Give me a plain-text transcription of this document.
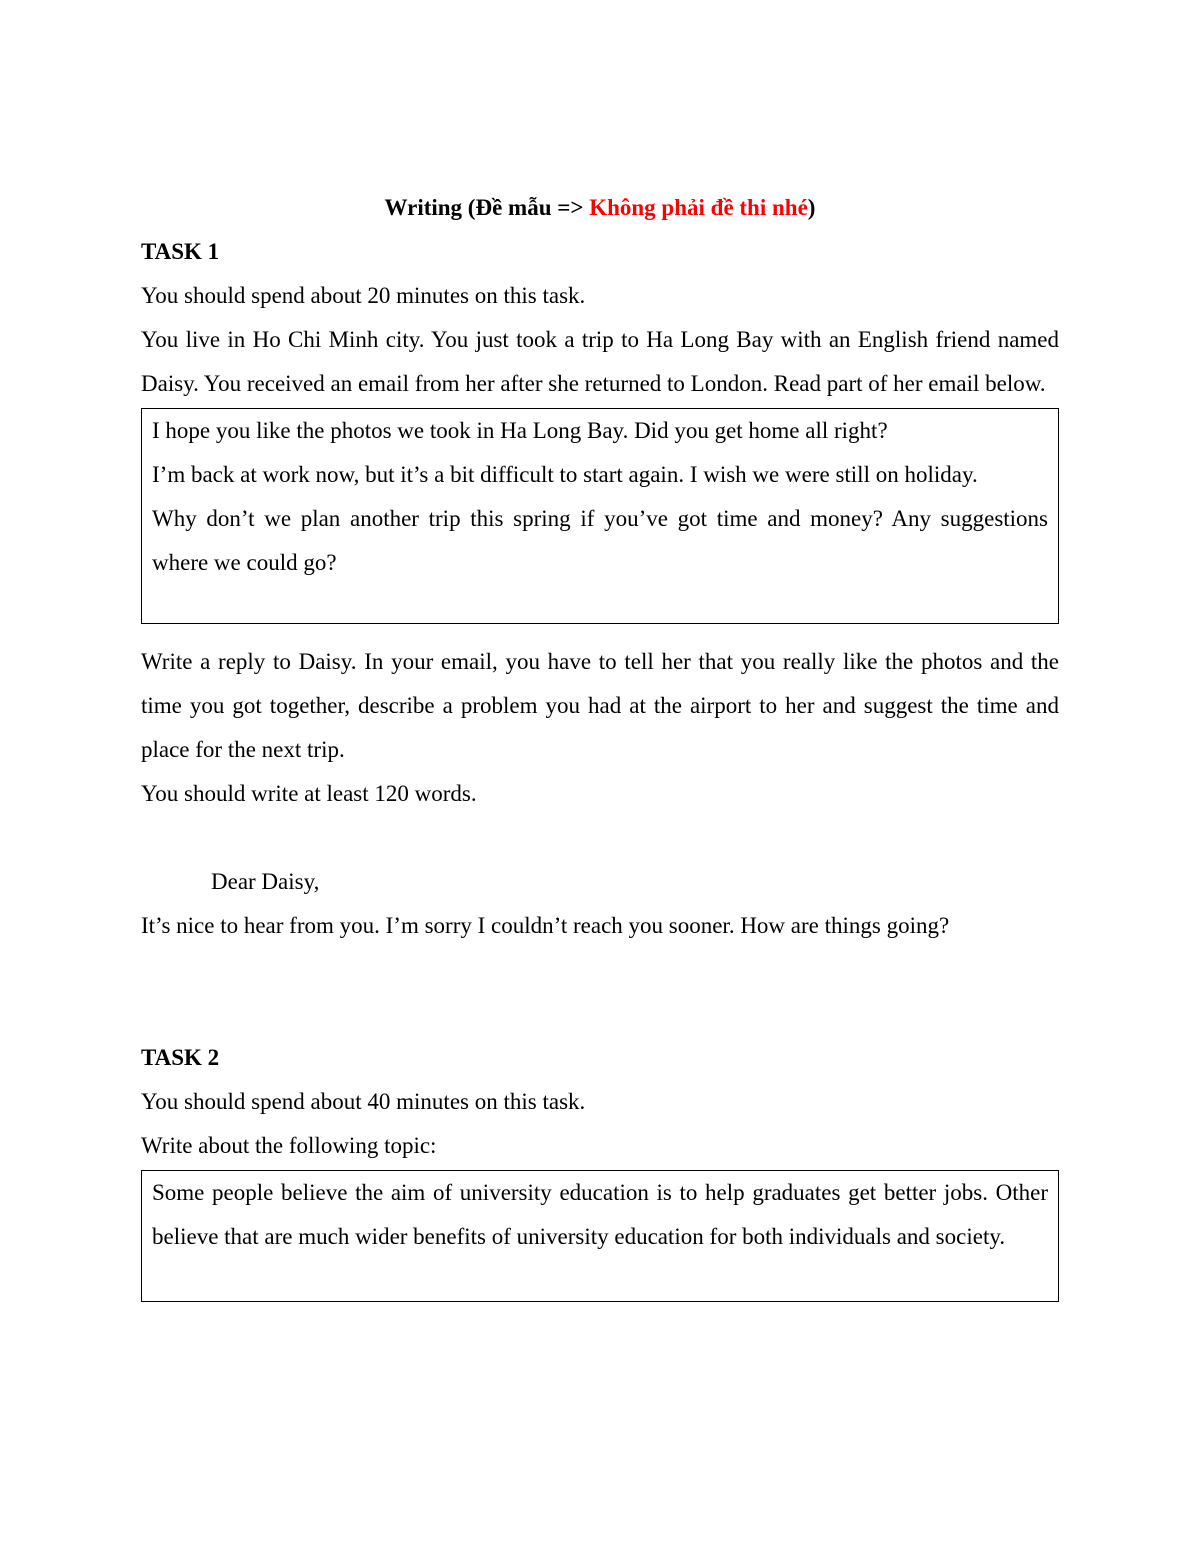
Writing (Đề mẫu => Không phải đề thi nhé)

TASK 1

You should spend about 20 minutes on this task.

You live in Ho Chi Minh city. You just took a trip to Ha Long Bay with an English friend named Daisy. You received an email from her after she returned to London. Read part of her email below.

I hope you like the photos we took in Ha Long Bay. Did you get home all right?

I’m back at work now, but it’s a bit difficult to start again. I wish we were still on holiday.

Why don’t we plan another trip this spring if you’ve got time and money? Any suggestions where we could go?

Write a reply to Daisy. In your email, you have to tell her that you really like the photos and the time you got together, describe a problem you had at the airport to her and suggest the time and place for the next trip.

You should write at least 120 words.

Dear Daisy,

It’s nice to hear from you. I’m sorry I couldn’t reach you sooner. How are things going?

TASK 2

You should spend about 40 minutes on this task.

Write about the following topic:

Some people believe the aim of university education is to help graduates get better jobs. Other believe that are much wider benefits of university education for both individuals and society.
